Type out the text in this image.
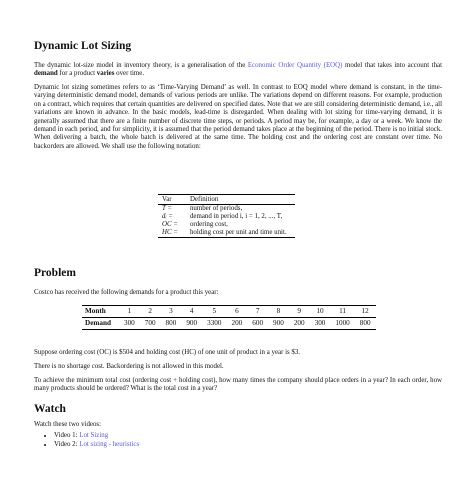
Dynamic Lot Sizing
The dynamic lot-size model in inventory theory, is a generalisation of the Economic Order Quantity (EOQ) model that takes into account that demand for a product varies over time.
Dynamic lot sizing sometimes refers to as ‘Time-Varying Demand’ as well. In contrast to EOQ model where demand is constant, in the time-varying deterministic demand model, demands of various periods are unlike. The variations depend on different reasons. For example, production on a contract, which requires that certain quantities are delivered on specified dates. Note that we are still considering deterministic demand, i.e., all variations are known in advance. In the basic models, lead-time is disregarded. When dealing with lot sizing for time-varying demand, it is generally assumed that there are a finite number of discrete time steps, or periods. A period may be, for example, a day or a week. We know the demand in each period, and for simplicity, it is assumed that the period demand takes place at the beginning of the period. There is no initial stock. When delivering a batch, the whole batch is delivered at the same time. The holding cost and the ordering cost are constant over time. No backorders are allowed. We shall use the following notation:
Var	Definition
T =	number of periods,
dᵢ =	demand in period i, i = 1, 2, ..., T,
OC =	ordering cost,
HC =	holding cost per unit and time unit.
Problem
Costco has received the following demands for a product this year:
Month	1	2	3	4	5	6	7	8	9	10	11	12
Demand	300	700	800	900	3300	200	600	900	200	300	1000	800
Suppose ordering cost (OC) is $504 and holding cost (HC) of one unit of product in a year is $3.
There is no shortage cost. Backordering is not allowed in this model.
To achieve the minimum total cost (ordering cost + holding cost), how many times the company should place orders in a year? In each order, how many products should be ordered? What is the total cost in a year?
Watch
Watch these two videos:
• Video 1: Lot Sizing
• Video 2: Lot sizing - heuristics
